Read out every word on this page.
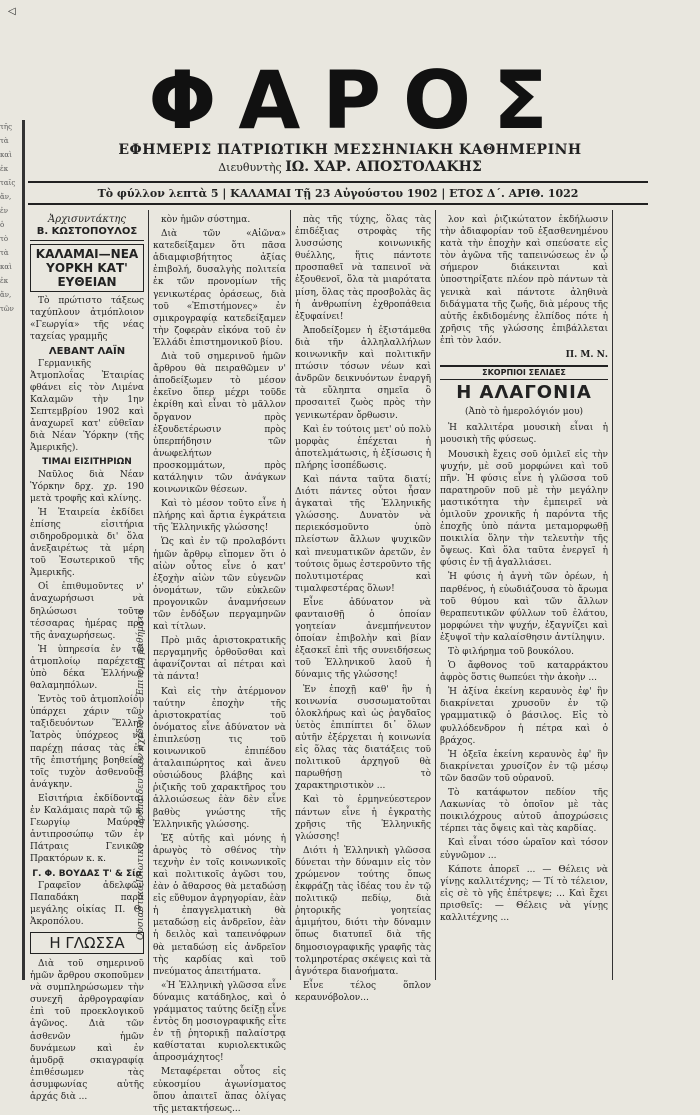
◁
τῆς
τὰ
καὶ
ἐκ
ταῖς
ἄν,
ἐν
ὁ
τὸ
τὰ
καὶ
ἐκ
ἄν,
τῶν
ΦΑΡΟΣ
ΕΦΗΜΕΡΙΣ ΠΑΤΡΙΩΤΙΚΗ ΜΕΣΣΗΝΙΑΚΗ ΚΑΘΗΜΕΡΙΝΗ
Διευθυντὴς ΙΩ. ΧΑΡ. ΑΠΟΣΤΟΛΑΚΗΣ
Τὸ φύλλον λεπτὰ 5 | ΚΑΛΑΜΑΙ Τῇ 23 Αὐγούστου 1902 | ΕΤΟΣ Δ΄. ΑΡΙΘ. 1022
Ἀρχισυντάκτης
Β. ΚΩΣΤΟΠΟΥΛΟΣ
ΚΑΛΑΜΑΙ—ΝΕΑ ΥΟΡΚΗ ΚΑΤ' ΕΥΘΕΙΑΝ

Τὸ πρώτιστο τάξεως ταχύπλουν ἀτμόπλοιον «Γεωργία» τῆς νέας ταχείας γραμμῆς

ΛΕΒΑΝΤ ΛΑΪΝ

Γερμανικῆς Ἀτμοπλοΐας Ἐταιρίας φθάνει εἰς τὸν Λιμένα Καλαμῶν τὴν 1ην Σεπτεμβρίου 1902 καὶ ἀναχωρεῖ κατ' εὐθεῖαν διὰ Νέαν Ὑόρκην (τῆς Ἀμερικῆς).

ΤΙΜΑΙ ΕΙΣΙΤΗΡΙΩΝ

Ναῦλος διὰ Νέαν Ὑόρκην δρχ. χρ. 190 μετὰ τροφῆς καὶ κλίνης.

Ἡ Ἑταιρεία ἐκδίδει ἐπίσης εἰσιτήρια σιδηροδρομικὰ δι' ὅλα ἀνεξαιρέτως τὰ μέρη τοῦ Ἐσωτερικοῦ τῆς Ἀμερικῆς.

Οἱ ἐπιθυμοῦντες ν' ἀναχωρήσωσι νὰ δηλώσωσι τοῦτο τέσσαρας ἡμέρας πρὸ τῆς ἀναχωρήσεως.

Ἡ ὑπηρεσία ἐν τῷ ἀτμοπλοίῳ παρέχεται ὑπὸ δέκα Ἑλλήνων θαλαμηπόλων.

Ἐντὸς τοῦ ἀτμοπλοίου ὑπάρχει χάριν τῶν ταξιδευόντων Ἕλλην Ἰατρὸς ὑπόχρεος νὰ παρέχῃ πάσας τὰς ἐκ τῆς ἐπιστήμης βοηθείας τοῖς τυχὸν ἀσθενοῦσι ἀνάγκην.

Εἰσιτήρια ἐκδίδονται ἐν Καλάμαις παρὰ τῷ κ. Γεωργίῳ Μαύρου ἀντιπροσώπῳ τῶν ἐν Πάτραις Γενικῶν Πρακτόρων κ. κ.

Γ. Φ. ΒΟΥΔΑΣ Τ' & Σία

Γραφεῖον ἀδελφῶν Παπαδάκη παρὰ μεγάλης οἰκίας Π. Θ. Ἀκροπόλου.

Η ΓΛΩΣΣΑ

Διὰ τοῦ σημερινοῦ ἡμῶν ἄρθρου σκοποῦμεν νὰ συμπληρώσωμεν τὴν συνεχῆ ἀρθρογραφίαν ἐπὶ τοῦ προεκλογικοῦ ἀγῶνος. Διὰ τῶν ἀσθενῶν ἡμῶν δυνάμεων καὶ ἐν ἀμυδρᾷ σκιαγραφίᾳ ἐπιθέσωμεν τὰς ἀσυμφωνίας αὐτῆς ἀρχάς διὰ ...

κὸν ἡμῶν σύστημα.

Διὰ τῶν «Αἰῶνα» κατεδείξαμεν ὅτι πᾶσα ἀδιαμφισβήτητος ἀξίας ἐπιβολή, δυσαλγὴς πολιτεία ἐκ τῶν προνομίων τῆς γενικωτέρας ὀράσεως, διὰ τοῦ «Ἐπιστήμονες» ἐν σμικρογραφίᾳ κατεδείξαμεν τὴν ζοφερὰν εἰκόνα τοῦ ἐν Ἑλλάδι ἐπιστημονικοῦ βίου.

Διὰ τοῦ σημερινοῦ ἡμῶν ἄρθρου θὰ πειραθῶμεν ν' ἀποδείξωμεν τὸ μέσον ἐκεῖνο ὅπερ μέχρι τοῦδε ἐκρίθη καὶ εἶναι τὸ μᾶλλον ὄργανον πρὸς ἐξουδετέρωσιν πρὸς ὑπερπήδησιν τῶν ἀνωφελήτων προσκομμάτων, πρὸς κατάληψιν τῶν ἀνάγκων κοινωνικῶν θέσεων.

Καὶ τὸ μέσον τοῦτο εἶνε ἡ πλήρης καὶ ἄρτια ἐγκράτεια τῆς Ἑλληνικῆς γλώσσης!

Ὡς καὶ ἐν τῷ προλαβόντι ἡμῶν ἄρθρῳ εἴπομεν ὅτι ὁ αἰὼν οὗτος εἶνε ὁ κατ' ἐξοχὴν αἰὼν τῶν εὐγενῶν ὀνομάτων, τῶν εὐκλεῶν προγονικῶν ἀναμνήσεων τῶν ἐνδόξων περγαμηνῶν καὶ τίτλων.

Πρὸ μιᾶς ἀριστοκρατικῆς περγαμηνῆς ὀρθοῦσθαι καὶ ἀφανίζονται αἱ πέτραι καὶ τὰ πάντα!

Καὶ εἰς τὴν ἀτέρμονον ταύτην ἐποχὴν τῆς ἀριστοκρατίας τοῦ ὀνόματος εἶνε ἀδύνατον νὰ ἐπιπλεύσῃ τις τοῦ κοινωνικοῦ ἐπιπέδου ἀταλαιπώρητος καὶ ἄνευ οὐσιώδους βλάβης καὶ ῥιζικῆς τοῦ χαρακτῆρος του ἀλλοιώσεως ἐὰν δὲν εἶνε βαθὺς γνώστης τῆς Ἑλληνικῆς γλώσσης.

Ἐξ αὐτῆς καὶ μόνης ἡ ἀρωγὸς τὸ σθένος τὴν τεχνὴν ἐν τοῖς κοινωνικοῖς καὶ πολιτικοῖς ἀγῶσι του, ἐὰν ὁ ἄθαρσος θὰ μεταδώσῃ εἰς εὔθυμον ἀγρηγορίαν, ἐὰν ἡ ἐπαγγελματικὴ θὰ μεταδώσῃ εἰς ἀνδρεῖον, ἐὰν ἡ δειλὸς καὶ ταπεινόφρων θὰ μεταδώσῃ εἰς ἀνδρεῖον τὴς καρδίας καὶ τοῦ πνεύματος ἀπειτήματα.

«Ἡ Ἑλληνικὴ γλῶσσα εἶνε δύναμις κατάδηλος, καὶ ὁ γράμματος ταύτης δείξῃ εἶνε ἐντὸς δη μοσιογραφικῆς εἶτε ἐν τῇ ῥητορικῇ παλαίστρᾳ καθίσταται κυριολεκτικῶς ἀπροσμάχητος!

Μεταφέρεται οὗτος εἰς εὐκοσμίου ἀγωνίσματος ὅπου ἀπαιτεῖ ἅπας ὀλίγας τῆς μετακτήσεως...

πὰς τῆς τύχης, ὅλας τὰς ἐπιδέξιας στροφὰς τῆς λυσσώσης κοινωνικῆς θυέλλης, ἥτις πάντοτε προσπαθεῖ νὰ ταπεινοῖ νὰ ἐξουθενοῖ, ὅλα τὰ μιαρότατα μίση, ὅλας τὰς προσβολὰς ἃς ἡ ἀνθρωπίνη ἐχθροπάθεια ἐξυφαίνει!

Ἀποδείξομεν ἡ ἐξιστάμεθα διὰ τῆν ἀλληλαλλήλων κοινωνικῆν καὶ πολιτικῆν πτώσιν τόσων νέων καὶ ἀνδρῶν δεικνυόντων ἐναργῆ τὰ εὔληπτα σημεῖα ὃ προσαιτεῖ ζωὸς πρὸς τὴν γενικωτέραν ὄρθωσιν.

Καὶ ἐν τούτοις μετ' οὐ πολὺ μορφὰς ἐπέχεται ἡ ἀποτελμάτωσις, ἡ ἐξίσωσις ἡ πλήρης ἰσοπέδωσις.

Καὶ πάντα ταῦτα διατί; Διότι πάντες οὗτοι ἦσαν ἀγκαταὶ τῆς Ἑλληνικῆς γλώσσης. Δυνατὸν νὰ περιεκόσμοῦντο ὑπὸ πλείστων ἄλλων ψυχικῶν καὶ πνευματικῶν ἀρετῶν, ἐν τούτοις ὅμως ἐστεροῦντο τῆς πολυτιμοτέρας καὶ τιμαλφεστέρας ὅλων!

Εἶνε ἀδύνατον νὰ φανταισθῇ ὁ ὁποίαν γοητείαν ἀνεμπήνευτον ὁποίαν ἐπιβολὴν καὶ βίαν ἐξασκεῖ ἐπὶ τῆς συνειδήσεως τοῦ Ἑλληνικοῦ λαοῦ ἡ δύναμις τῆς γλώσσης!

Ἐν ἐποχῇ καθ' ἣν ἡ κοινωνία συσσωματοῦται ὁλοκλήρως καὶ ὡς ῥαγδαῖος ὑετὸς ἐπιπίπτει δι᾽ ὅλων αὐτῆν ἐξέρχεται ἡ κοινωνία εἰς ὅλας τὰς διατάξεις τοῦ πολιτικοῦ ἀρχηγοῦ θὰ παρωθήσῃ τὸ χαρακτηριστικὸν ...

Καὶ τὸ ἐρμηνεύεστερον πάντων εἶνε ἡ ἐγκρατὴς χρῆσις τῆς Ἑλληνικῆς γλώσσης!

Διότι ἡ Ἑλληνικὴ γλῶσσα δύνεται τὴν δύναμιν εἰς τὸν χρώμενον τούτης ὅπως ἐκφράζῃ τὰς ἰδέας του ἐν τῷ πολιτικῷ πεδίῳ, διὰ ῥητορικῆς γοητείας ἀμιμήτου, διότι τὴν δύναμιν ὅπως διατυπεῖ διὰ τῆς δημοσιογραφικῆς γραφῆς τὰς τολμηροτέρας σκέψεις καὶ τὰ ἀγνότερα διανοήματα.

Εἶνε τέλος ὅπλον κεραυνόβολον...

λον καὶ ῥιζικώτατον ἐκδήλωσιν τὴν ἀδιαφορίαν τοῦ ἐξασθενημένου κατὰ τὴν ἐποχὴν καὶ σπεύσατε εἰς τὸν ἀγῶνα τῆς ταπεινώσεως ἐν ᾧ σήμερον διάκεινται καὶ ὑποστηρίξατε πλέον πρὸ πάντων τὰ γενικὰ καὶ πάντοτε ἀληθινὰ διδάγματα τῆς ζωῆς, διὰ μέρους τῆς αὐτῆς ἐκδιδομένης ἐλπίδος πότε ἡ χρῆσις τῆς γλώσσης ἐπιβάλλεται ἐπὶ τὸν λαόν.

Π. Μ. Ν.
ΣΚΟΡΠΙΟΙ ΣΕΛΙΔΕΣ
Η ΑΛΑΓΟΝΙΑ
(Ἀπὸ τὸ ἡμερολόγιόν μου)

Ἡ καλλιτέρα μουσικὴ εἶναι ἡ μουσικὴ τῆς φύσεως.

Μουσικὴ ἔχεις σοῦ ὁμιλεῖ εἰς τὴν ψυχήν, μὲ σοῦ μορφώνει καὶ τοῦ πῆν. Ἡ φύσις εἶνε ἡ γλῶσσα τοῦ παρατηροῦν ποῦ μὲ τὴν μεγάλην μαστικότητα τὴν ἐμπειρεῖ νὰ ὁμιλοῦν χρονικῆς ἡ παρόντα τῆς ἐποχῆς ὑπὸ πάντα μεταμορφωθῇ ποικιλία ὅλην τὴν τελευτὴν τῆς ὄψεως. Καὶ ὅλα ταῦτα ἐνεργεῖ ἡ φύσις ἐν τῇ ἀγαλλιάσει.

Ἡ φύσις ἡ ἀγνὴ τῶν ὀρέων, ἡ παρθένος, ἡ εὐωδιάζουσα τὸ ἄρωμα τοῦ θύμου καὶ τῶν ἄλλων θεραπευτικῶν φύλλων τοῦ ἐλάτου, μορφώνει τὴν ψυχήν, ἐξαγνίζει καὶ ἐξυψοῖ τὴν καλαίσθησιν ἀντίληψιν.

Τὸ φιλήρημα τοῦ βουκόλου.

Ὁ ἄφθονος τοῦ καταρράκτου ἀφρὸς ὅστις θωπεύει τὴν ἀκοὴν ...

Ἡ ἀξίνα ἐκείνη κεραυνὸς ἐφ' ἣν διακρίνεται χρυσοῦν ἐν τῷ γραμματικῷ ὁ βάσιλος. Εἰς τὸ φυλλόδενδρον ἡ πέτρα καὶ ὁ βράχος.

Ἡ ὀξεῖα ἐκείνη κεραυνὸς ἐφ' ἣν διακρίνεται χρυσίζον ἐν τῷ μέσῳ τῶν δασῶν τοῦ οὐρανοῦ.

Τὸ κατάφωτον πεδίον τῆς Λακωνίας τὸ ὁποῖον μὲ τὰς ποικιλόχρους αὐτοῦ ἀποχρώσεις τέρπει τὰς ὄψεις καὶ τὰς καρδίας.

Καὶ εἶναι τόσο ὡραῖον καὶ τόσον εὐγνῶμον ...

Κάποτε ἀπορεῖ ... — Θέλεις νὰ γίνῃς καλλιτέχνης; — Τί τὸ τέλειον, εἰς σὲ τὸ γῆς ἐπέτρεψε; ... Καὶ ἔχει πρισθεῖς: — Θέλεις νὰ γίνῃς καλλιτέχνης ...

Ουσιαστικό Ιδιωτικό — Προπαιδευτικόν σχέδιον. — Ἐπιτομὴ μαθήματα
